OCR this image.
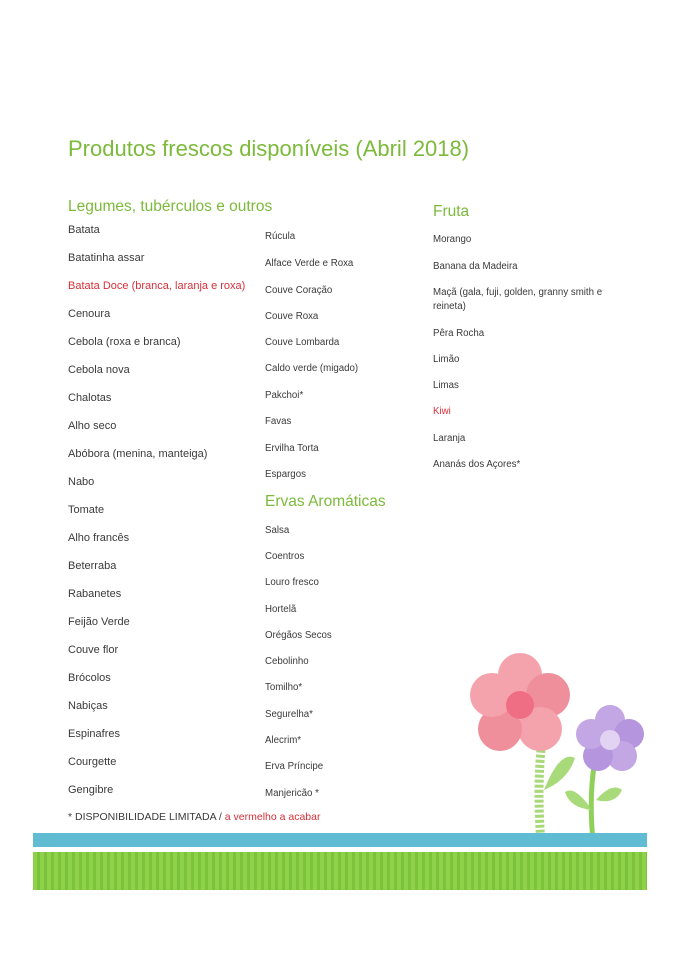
Produtos frescos disponíveis (Abril 2018)
Legumes, tubérculos e outros
Batata
Batatinha assar
Batata Doce (branca, laranja e roxa)
Cenoura
Cebola (roxa e branca)
Cebola nova
Chalotas
Alho seco
Abóbora (menina, manteiga)
Nabo
Tomate
Alho francês
Beterraba
Rabanetes
Feijão Verde
Couve flor
Brócolos
Nabiças
Espinafres
Courgette
Gengibre
Rúcula
Alface Verde e Roxa
Couve Coração
Couve Roxa
Couve Lombarda
Caldo verde (migado)
Pakchoi*
Favas
Ervilha Torta
Espargos
Ervas Aromáticas
Salsa
Coentros
Louro fresco
Hortelã
Orégãos Secos
Cebolinho
Tomilho*
Segurelha*
Alecrim*
Erva Príncipe
Manjericão *
Fruta
Morango
Banana da Madeira
Maçã (gala, fuji, golden, granny smith e
reineta)
Pêra Rocha
Limão
Limas
Kiwi
Laranja
Ananás dos Açores*
* DISPONIBILIDADE LIMITADA / a vermelho a acabar
